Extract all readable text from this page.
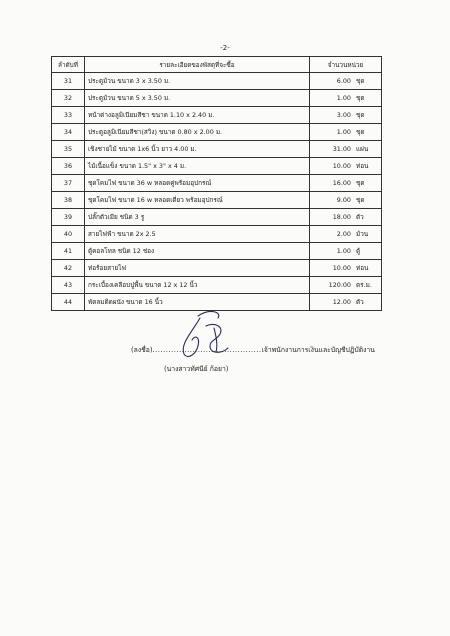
-2-
ลำดับที่	รายละเอียดของพัสดุที่จะซื้อ	จำนวนหน่วย	
31	ประตูม้วน ขนาด 3 x 3.50 ม.	6.00	ชุด
32	ประตูม้วน ขนาด 5 x 3.50 ม.	1.00	ชุด
33	หน้าต่างอลูมิเนียมสีชา ขนาด 1.10 x 2.40 ม.	3.00	ชุด
34	ประตูอลูมิเนียมสีชา(สวิง) ขนาด 0.80 x 2.00 ม.	1.00	ชุด
35	เชิงชายไม้ ขนาด 1x6 นิ้ว ยาว 4.00 ม.	31.00	แผ่น
36	ไม้เนื้อแข็ง ขนาด 1.5" x 3" x 4 ม.	10.00	ท่อน
37	ชุดโคมไฟ ขนาด 36 w หลอดคู่พร้อมอุปกรณ์	16.00	ชุด
38	ชุดโคมไฟ ขนาด 16 w หลอดเดี่ยว พร้อมอุปกรณ์	9.00	ชุด
39	ปลั๊กตัวเมีย ชนิด 3 รู	18.00	ตัว
40	สายไฟฟ้า ขนาด 2x 2.5	2.00	ม้วน
41	ตู้คอลโทล ชนิด 12 ช่อง	1.00	ตู้
42	ท่อร้อยสายไฟ	10.00	ท่อน
43	กระเบื้องเคลือบปูพื้น ขนาด 12 x 12 นิ้ว	120.00	ตร.ม.
44	พัดลมติดผนัง ขนาด 16 นิ้ว	12.00	ตัว
(ลงชื่อ).........................................เจ้าพนักงานการเงินและบัญชีปฏิบัติงาน
(นางสาวทัศนีย์ ก้อยา)
